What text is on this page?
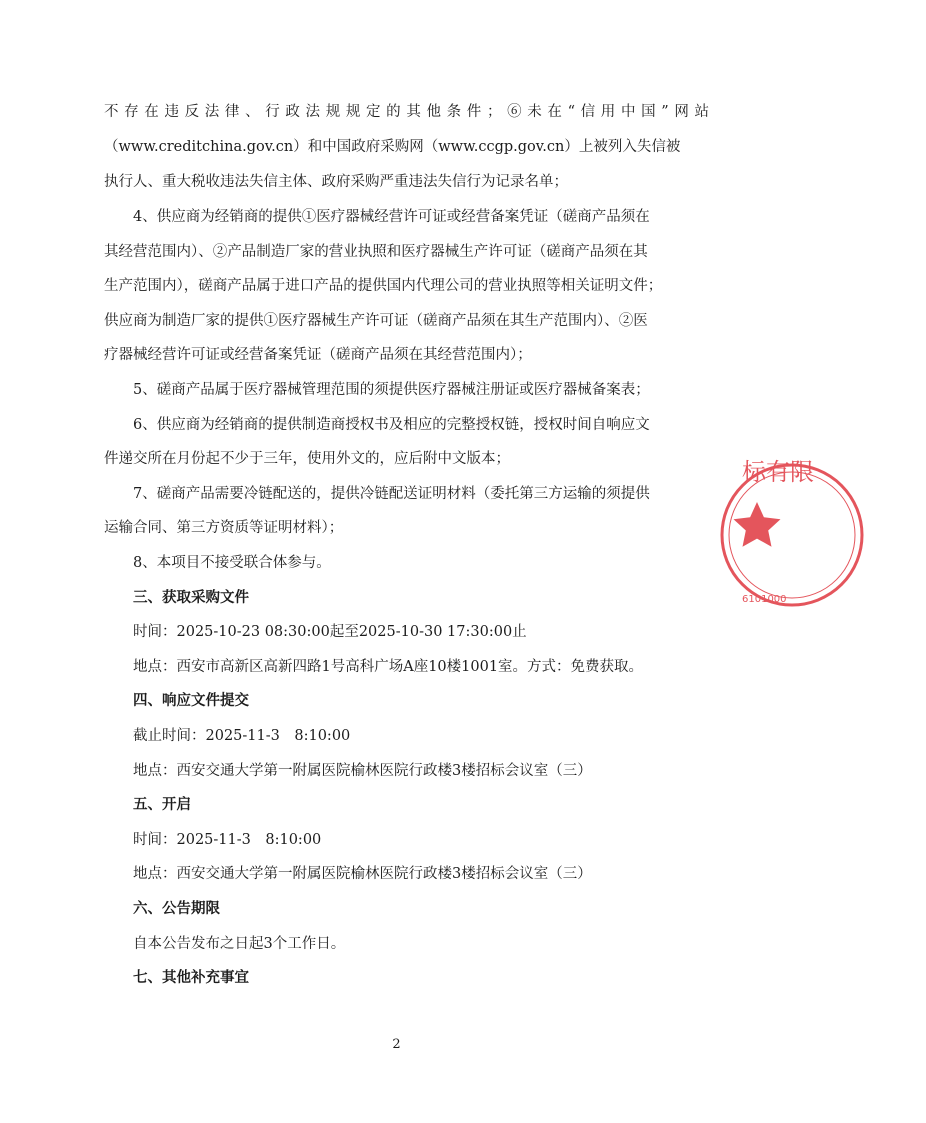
不存在违反法律、行政法规规定的其他条件；⑥未在“信用中国”网站

（www.creditchina.gov.cn）和中国政府采购网（www.ccgp.gov.cn）上被列入失信被

执行人、重大税收违法失信主体、政府采购严重违法失信行为记录名单；

4、供应商为经销商的提供①医疗器械经营许可证或经营备案凭证（磋商产品须在

其经营范围内）、②产品制造厂家的营业执照和医疗器械生产许可证（磋商产品须在其

生产范围内），磋商产品属于进口产品的提供国内代理公司的营业执照等相关证明文件；

供应商为制造厂家的提供①医疗器械生产许可证（磋商产品须在其生产范围内）、②医

疗器械经营许可证或经营备案凭证（磋商产品须在其经营范围内）；

5、磋商产品属于医疗器械管理范围的须提供医疗器械注册证或医疗器械备案表；

6、供应商为经销商的提供制造商授权书及相应的完整授权链，授权时间自响应文

件递交所在月份起不少于三年，使用外文的，应后附中文版本；

7、磋商产品需要冷链配送的，提供冷链配送证明材料（委托第三方运输的须提供

运输合同、第三方资质等证明材料）；

8、本项目不接受联合体参与。

三、获取采购文件

时间：2025-10-23 08:30:00起至2025-10-30 17:30:00止

地点：西安市高新区高新四路1号高科广场A座10楼1001室。方式：免费获取。

四、响应文件提交

截止时间：2025-11-3　8:10:00

地点：西安交通大学第一附属医院榆林医院行政楼3楼招标会议室（三）

五、开启

时间：2025-11-3　8:10:00

地点：西安交通大学第一附属医院榆林医院行政楼3楼招标会议室（三）

六、公告期限

自本公告发布之日起3个工作日。

七、其他补充事宜

标有限
6101000
2
